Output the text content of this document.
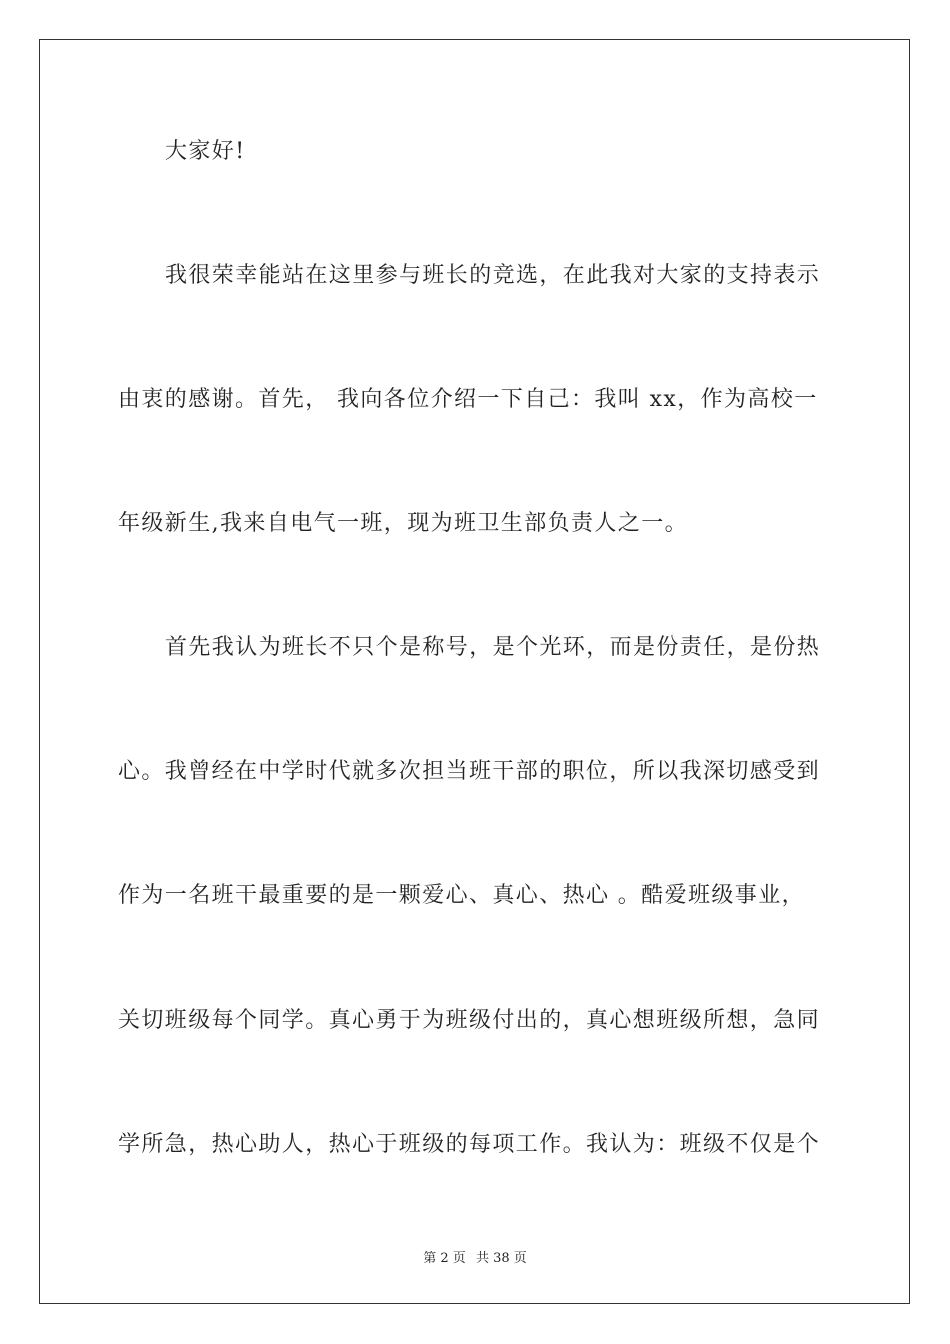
大家好!
我很荣幸能站在这里参与班长的竞选，在此我对大家的支持表示
由衷的感谢。首先， 我向各位介绍一下自己：我叫 xx，作为高校一
年级新生,我来自电气一班，现为班卫生部负责人之一。
首先我认为班长不只个是称号，是个光环，而是份责任，是份热
心。我曾经在中学时代就多次担当班干部的职位，所以我深切感受到
作为一名班干最重要的是一颗爱心、真心、热心 。酷爱班级事业，
关切班级每个同学。真心勇于为班级付出的，真心想班级所想，急同
学所急，热心助人，热心于班级的每项工作。我认为：班级不仅是个
第 2 页 共 38 页
